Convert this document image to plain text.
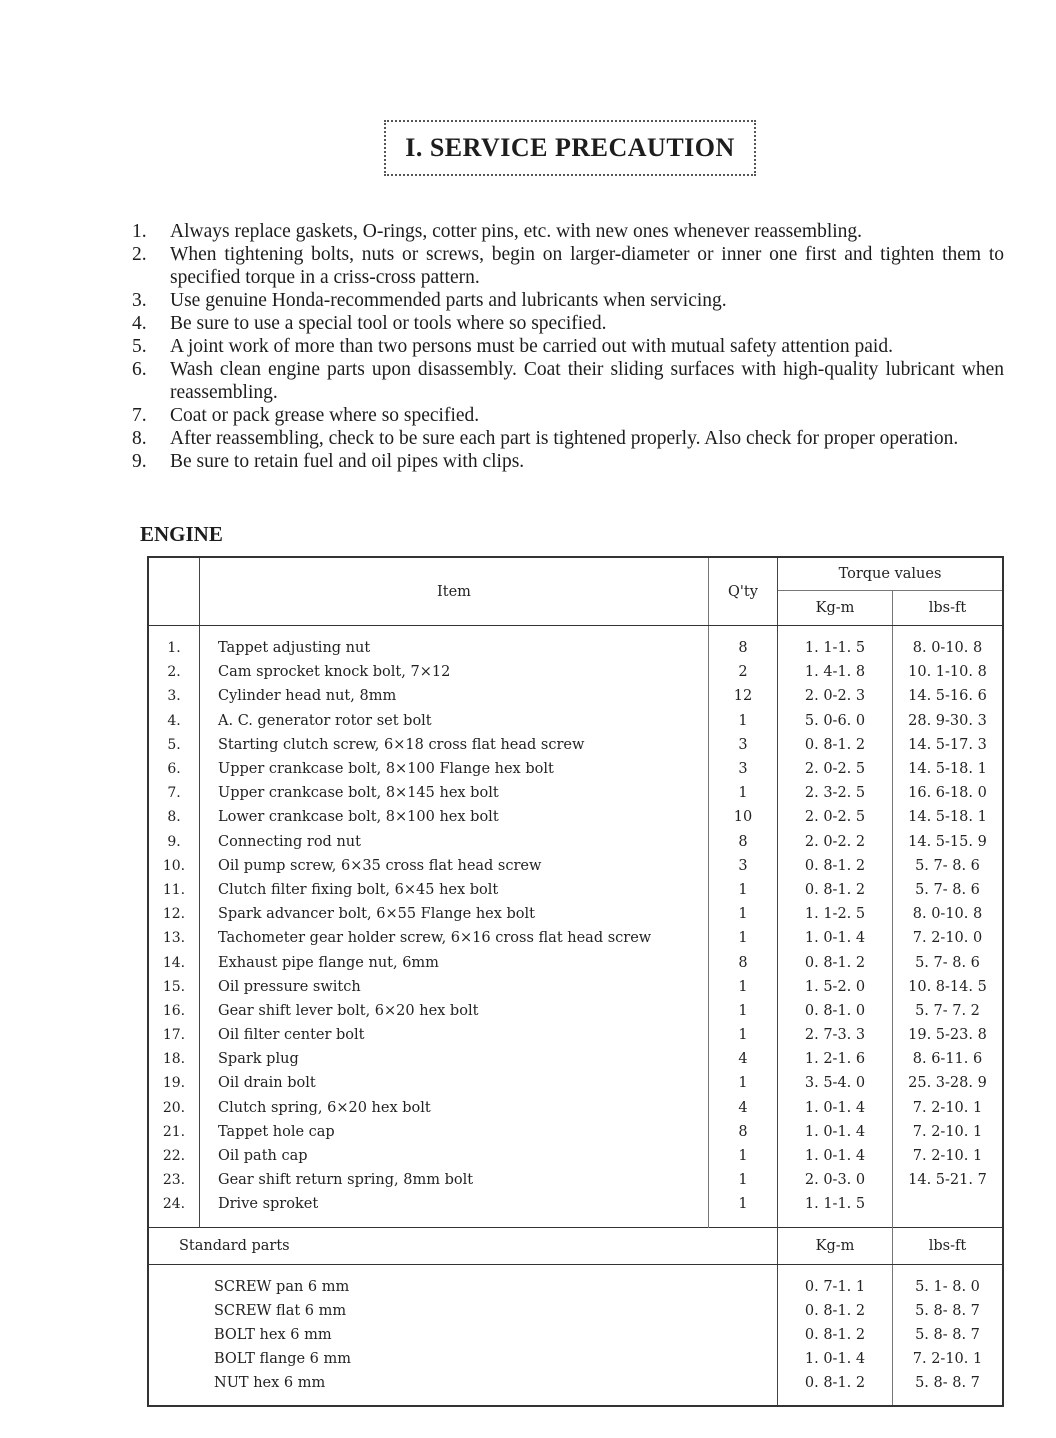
I. SERVICE PRECAUTION
1.	Always replace gaskets, O-rings, cotter pins, etc. with new ones whenever reassembling.
2.	When tightening bolts, nuts or screws, begin on larger-diameter or inner one first and tighten them to specified torque in a criss-cross pattern.
3.	Use genuine Honda-recommended parts and lubricants when servicing.
4.	Be sure to use a special tool or tools where so specified.
5.	A joint work of more than two persons must be carried out with mutual safety attention paid.
6.	Wash clean engine parts upon disassembly. Coat their sliding surfaces with high-quality lubricant when reassembling.
7.	Coat or pack grease where so specified.
8.	After reassembling, check to be sure each part is tightened properly. Also check for proper operation.
9.	Be sure to retain fuel and oil pipes with clips.
ENGINE
	Item	Q'ty	Torque values	
			Kg-m	lbs-ft

1.	Tappet adjusting nut	8	1. 1-1. 5	8. 0-10. 8
2.	Cam sprocket knock bolt, 7×12	2	1. 4-1. 8	10. 1-10. 8
3.	Cylinder head nut, 8mm	12	2. 0-2. 3	14. 5-16. 6
4.	A. C. generator rotor set bolt	1	5. 0-6. 0	28. 9-30. 3
5.	Starting clutch screw, 6×18 cross flat head screw	3	0. 8-1. 2	14. 5-17. 3
6.	Upper crankcase bolt, 8×100 Flange hex bolt	3	2. 0-2. 5	14. 5-18. 1
7.	Upper crankcase bolt, 8×145 hex bolt	1	2. 3-2. 5	16. 6-18. 0
8.	Lower crankcase bolt, 8×100 hex bolt	10	2. 0-2. 5	14. 5-18. 1
9.	Connecting rod nut	8	2. 0-2. 2	14. 5-15. 9
10.	Oil pump screw, 6×35 cross flat head screw	3	0. 8-1. 2	5. 7- 8. 6
11.	Clutch filter fixing bolt, 6×45 hex bolt	1	0. 8-1. 2	5. 7- 8. 6
12.	Spark advancer bolt, 6×55 Flange hex bolt	1	1. 1-2. 5	8. 0-10. 8
13.	Tachometer gear holder screw, 6×16 cross flat head screw	1	1. 0-1. 4	7. 2-10. 0
14.	Exhaust pipe flange nut, 6mm	8	0. 8-1. 2	5. 7- 8. 6
15.	Oil pressure switch	1	1. 5-2. 0	10. 8-14. 5
16.	Gear shift lever bolt, 6×20 hex bolt	1	0. 8-1. 0	5. 7- 7. 2
17.	Oil filter center bolt	1	2. 7-3. 3	19. 5-23. 8
18.	Spark plug	4	1. 2-1. 6	8. 6-11. 6
19.	Oil drain bolt	1	3. 5-4. 0	25. 3-28. 9
20.	Clutch spring, 6×20 hex bolt	4	1. 0-1. 4	7. 2-10. 1
21.	Tappet hole cap	8	1. 0-1. 4	7. 2-10. 1
22.	Oil path cap	1	1. 0-1. 4	7. 2-10. 1
23.	Gear shift return spring, 8mm bolt	1	2. 0-3. 0	14. 5-21. 7
24.	Drive sproket	1	1. 1-1. 5	

Standard parts			Kg-m	lbs-ft

SCREW pan 6 mm			0. 7-1. 1	5. 1- 8. 0
SCREW flat 6 mm			0. 8-1. 2	5. 8- 8. 7
BOLT hex 6 mm			0. 8-1. 2	5. 8- 8. 7
BOLT flange 6 mm			1. 0-1. 4	7. 2-10. 1
NUT hex 6 mm			0. 8-1. 2	5. 8- 8. 7
